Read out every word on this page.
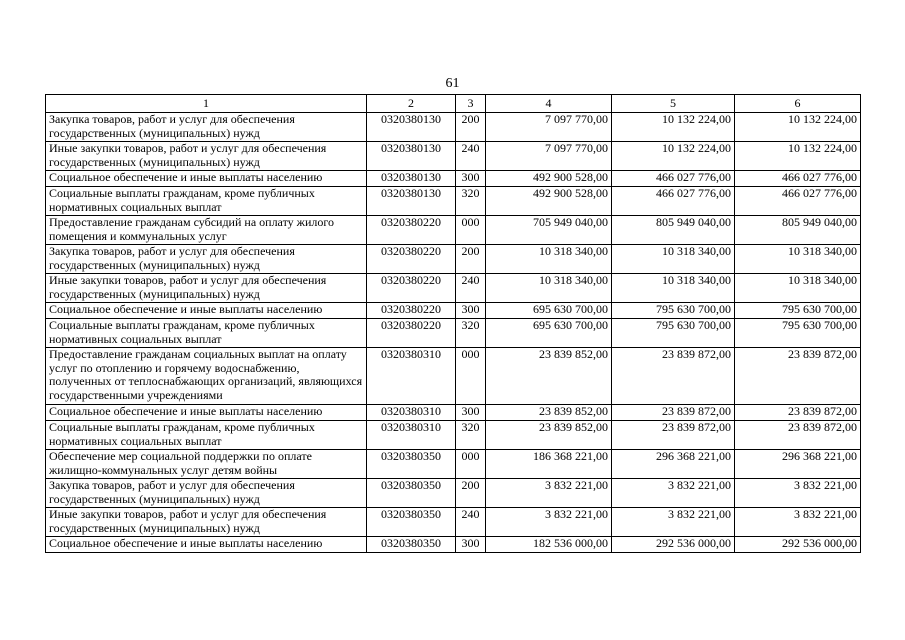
61
1	2	3	4	5	6
Закупка товаров, работ и услуг для обеспечения государственных (муниципальных) нужд	0320380130	200	7 097 770,00	10 132 224,00	10 132 224,00
Иные закупки товаров, работ и услуг для обеспечения государственных (муниципальных) нужд	0320380130	240	7 097 770,00	10 132 224,00	10 132 224,00
Социальное обеспечение и иные выплаты населению	0320380130	300	492 900 528,00	466 027 776,00	466 027 776,00
Социальные выплаты гражданам, кроме публичных нормативных социальных выплат	0320380130	320	492 900 528,00	466 027 776,00	466 027 776,00
Предоставление гражданам субсидий на оплату жилого помещения и коммунальных услуг	0320380220	000	705 949 040,00	805 949 040,00	805 949 040,00
Закупка товаров, работ и услуг для обеспечения государственных (муниципальных) нужд	0320380220	200	10 318 340,00	10 318 340,00	10 318 340,00
Иные закупки товаров, работ и услуг для обеспечения государственных (муниципальных) нужд	0320380220	240	10 318 340,00	10 318 340,00	10 318 340,00
Социальное обеспечение и иные выплаты населению	0320380220	300	695 630 700,00	795 630 700,00	795 630 700,00
Социальные выплаты гражданам, кроме публичных нормативных социальных выплат	0320380220	320	695 630 700,00	795 630 700,00	795 630 700,00
Предоставление гражданам социальных выплат на оплату услуг по отоплению и горячему водоснабжению, полученных от теплоснабжающих организаций, являющихся государственными учреждениями	0320380310	000	23 839 852,00	23 839 872,00	23 839 872,00
Социальное обеспечение и иные выплаты населению	0320380310	300	23 839 852,00	23 839 872,00	23 839 872,00
Социальные выплаты гражданам, кроме публичных нормативных социальных выплат	0320380310	320	23 839 852,00	23 839 872,00	23 839 872,00
Обеспечение мер социальной поддержки по оплате жилищно-коммунальных услуг детям войны	0320380350	000	186 368 221,00	296 368 221,00	296 368 221,00
Закупка товаров, работ и услуг для обеспечения государственных (муниципальных) нужд	0320380350	200	3 832 221,00	3 832 221,00	3 832 221,00
Иные закупки товаров, работ и услуг для обеспечения государственных (муниципальных) нужд	0320380350	240	3 832 221,00	3 832 221,00	3 832 221,00
Социальное обеспечение и иные выплаты населению	0320380350	300	182 536 000,00	292 536 000,00	292 536 000,00
